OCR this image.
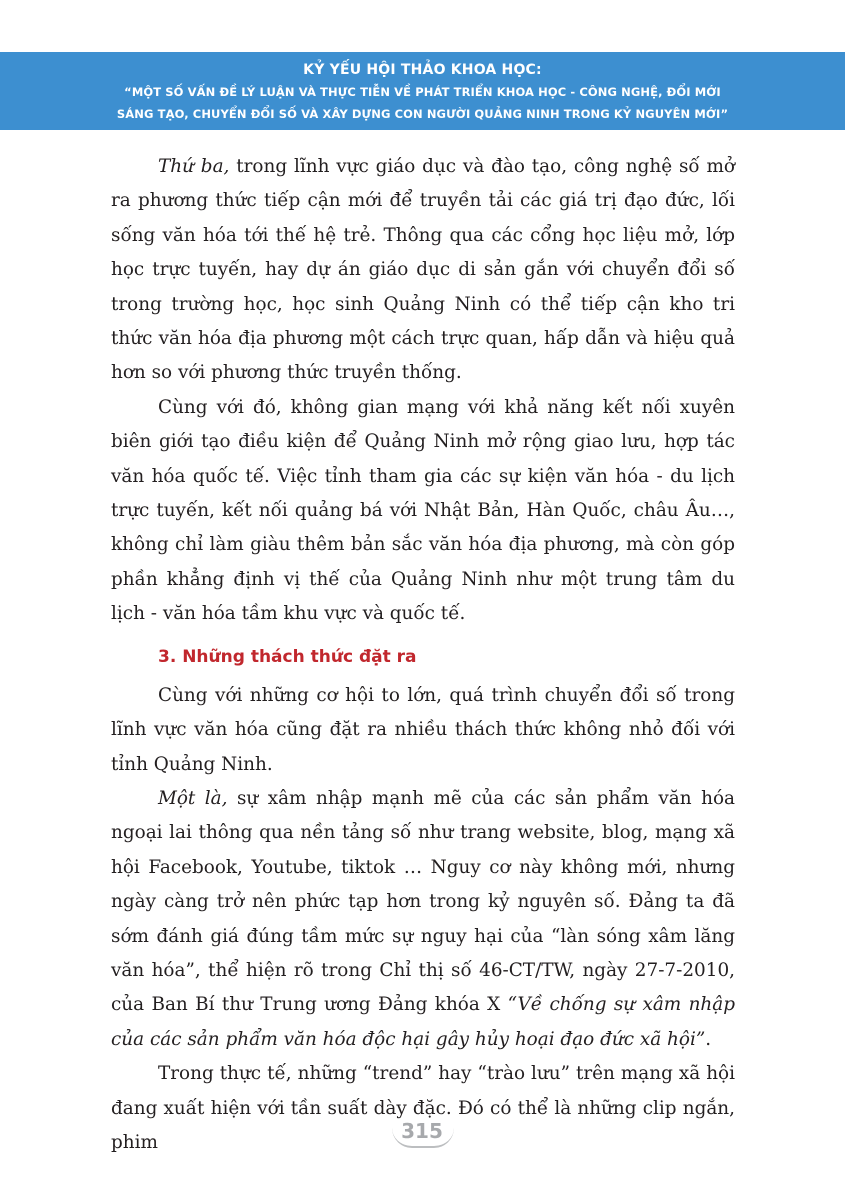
KỶ YẾU HỘI THẢO KHOA HỌC:
“MỘT SỐ VẤN ĐỀ LÝ LUẬN VÀ THỰC TIỄN VỀ PHÁT TRIỂN KHOA HỌC - CÔNG NGHỆ, ĐỔI MỚI
SÁNG TẠO, CHUYỂN ĐỔI SỐ VÀ XÂY DỰNG CON NGƯỜI QUẢNG NINH TRONG KỶ NGUYÊN MỚI”

Thứ ba, trong lĩnh vực giáo dục và đào tạo, công nghệ số mở ra phương thức tiếp cận mới để truyền tải các giá trị đạo đức, lối sống văn hóa tới thế hệ trẻ. Thông qua các cổng học liệu mở, lớp học trực tuyến, hay dự án giáo dục di sản gắn với chuyển đổi số trong trường học, học sinh Quảng Ninh có thể tiếp cận kho tri thức văn hóa địa phương một cách trực quan, hấp dẫn và hiệu quả hơn so với phương thức truyền thống.

Cùng với đó, không gian mạng với khả năng kết nối xuyên biên giới tạo điều kiện để Quảng Ninh mở rộng giao lưu, hợp tác văn hóa quốc tế. Việc tỉnh tham gia các sự kiện văn hóa - du lịch trực tuyến, kết nối quảng bá với Nhật Bản, Hàn Quốc, châu Âu…, không chỉ làm giàu thêm bản sắc văn hóa địa phương, mà còn góp phần khẳng định vị thế của Quảng Ninh như một trung tâm du lịch - văn hóa tầm khu vực và quốc tế.

3. Những thách thức đặt ra

Cùng với những cơ hội to lớn, quá trình chuyển đổi số trong lĩnh vực văn hóa cũng đặt ra nhiều thách thức không nhỏ đối với tỉnh Quảng Ninh.

Một là, sự xâm nhập mạnh mẽ của các sản phẩm văn hóa ngoại lai thông qua nền tảng số như trang website, blog, mạng xã hội Facebook, Youtube, tiktok … Nguy cơ này không mới, nhưng ngày càng trở nên phức tạp hơn trong kỷ nguyên số. Đảng ta đã sớm đánh giá đúng tầm mức sự nguy hại của “làn sóng xâm lăng văn hóa”, thể hiện rõ trong Chỉ thị số 46-CT/TW, ngày 27-7-2010, của Ban Bí thư Trung ương Đảng khóa X “Về chống sự xâm nhập của các sản phẩm văn hóa độc hại gây hủy hoại đạo đức xã hội”.

Trong thực tế, những “trend” hay “trào lưu” trên mạng xã hội đang xuất hiện với tần suất dày đặc. Đó có thể là những clip ngắn, phim	315
